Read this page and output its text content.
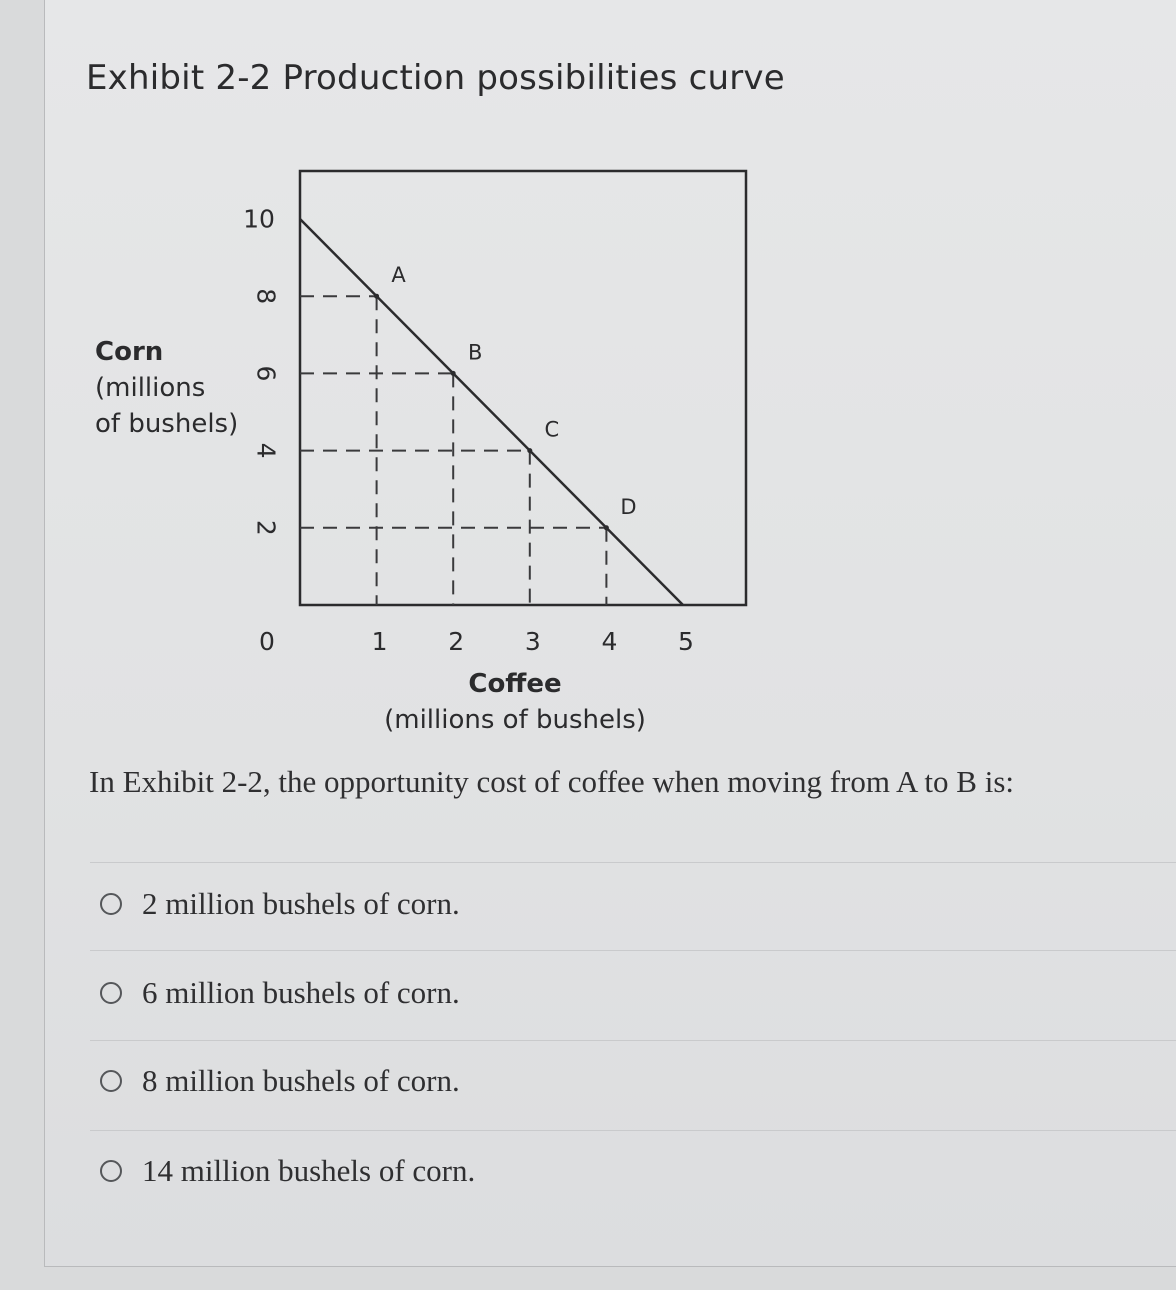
Exhibit 2-2 Production possibilities curve
Corn
(millions
of bushels)
A
B
C
D
10
8
6
4
2
0	1 2 3 4 5
Coffee
(millions of bushels)
In Exhibit 2-2, the opportunity cost of coffee when moving from A to B is:
2 million bushels of corn.
6 million bushels of corn.
8 million bushels of corn.
14 million bushels of corn.
